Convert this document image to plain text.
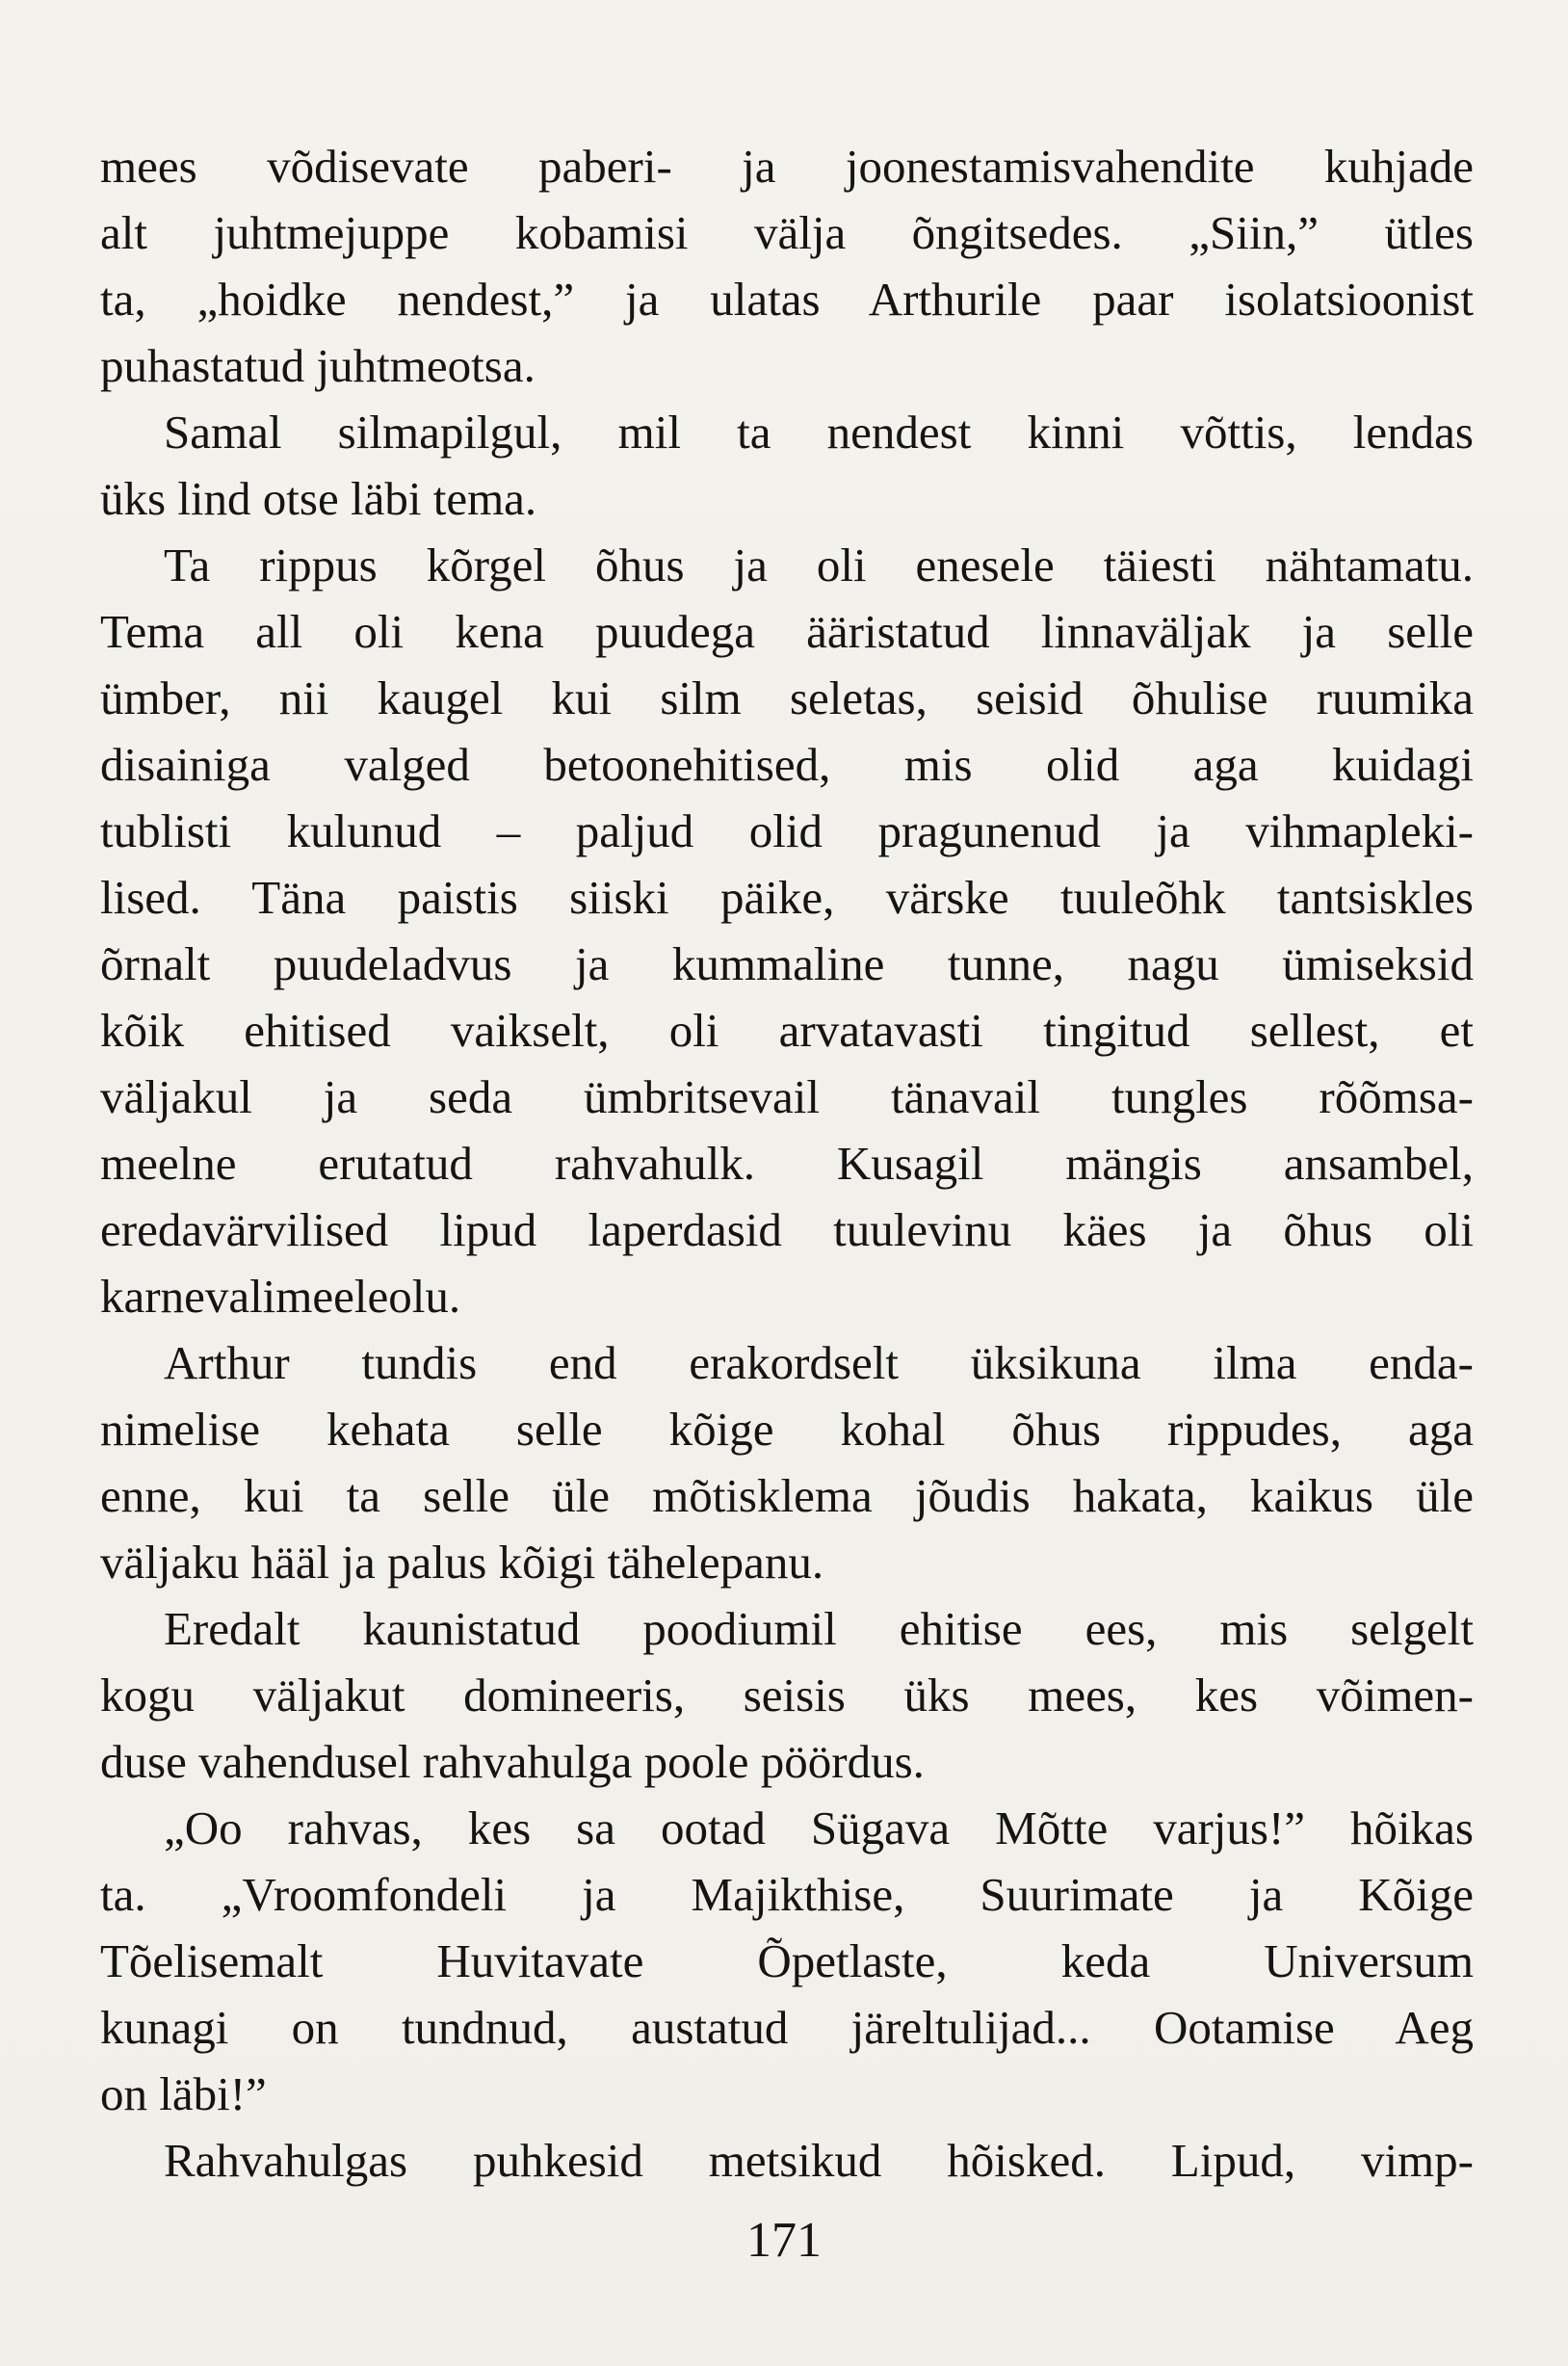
mees võdisevate paberi- ja joonestamisvahendite kuhjade
alt juhtmejuppe kobamisi välja õngitsedes. „Siin,” ütles
ta, „hoidke nendest,” ja ulatas Arthurile paar isolatsioonist
puhastatud juhtmeotsa.
Samal silmapilgul, mil ta nendest kinni võttis, lendas
üks lind otse läbi tema.
Ta rippus kõrgel õhus ja oli enesele täiesti nähtamatu.
Tema all oli kena puudega ääristatud linnaväljak ja selle
ümber, nii kaugel kui silm seletas, seisid õhulise ruumika
disainiga valged betoonehitised, mis olid aga kuidagi
tublisti kulunud – paljud olid pragunenud ja vihmapleki-
lised. Täna paistis siiski päike, värske tuuleõhk tantsiskles
õrnalt puudeladvus ja kummaline tunne, nagu ümiseksid
kõik ehitised vaikselt, oli arvatavasti tingitud sellest, et
väljakul ja seda ümbritsevail tänavail tungles rõõmsa-
meelne erutatud rahvahulk. Kusagil mängis ansambel,
eredavärvilised lipud laperdasid tuulevinu käes ja õhus oli
karnevalimeeleolu.
Arthur tundis end erakordselt üksikuna ilma enda-
nimelise kehata selle kõige kohal õhus rippudes, aga
enne, kui ta selle üle mõtisklema jõudis hakata, kaikus üle
väljaku hääl ja palus kõigi tähelepanu.
Eredalt kaunistatud poodiumil ehitise ees, mis selgelt
kogu väljakut domineeris, seisis üks mees, kes võimen-
duse vahendusel rahvahulga poole pöördus.
„Oo rahvas, kes sa ootad Sügava Mõtte varjus!” hõikas
ta. „Vroomfondeli ja Majikthise, Suurimate ja Kõige
Tõelisemalt Huvitavate Õpetlaste, keda Universum
kunagi on tundnud, austatud järeltulijad... Ootamise Aeg
on läbi!”
Rahvahulgas puhkesid metsikud hõisked. Lipud, vimp-
171
